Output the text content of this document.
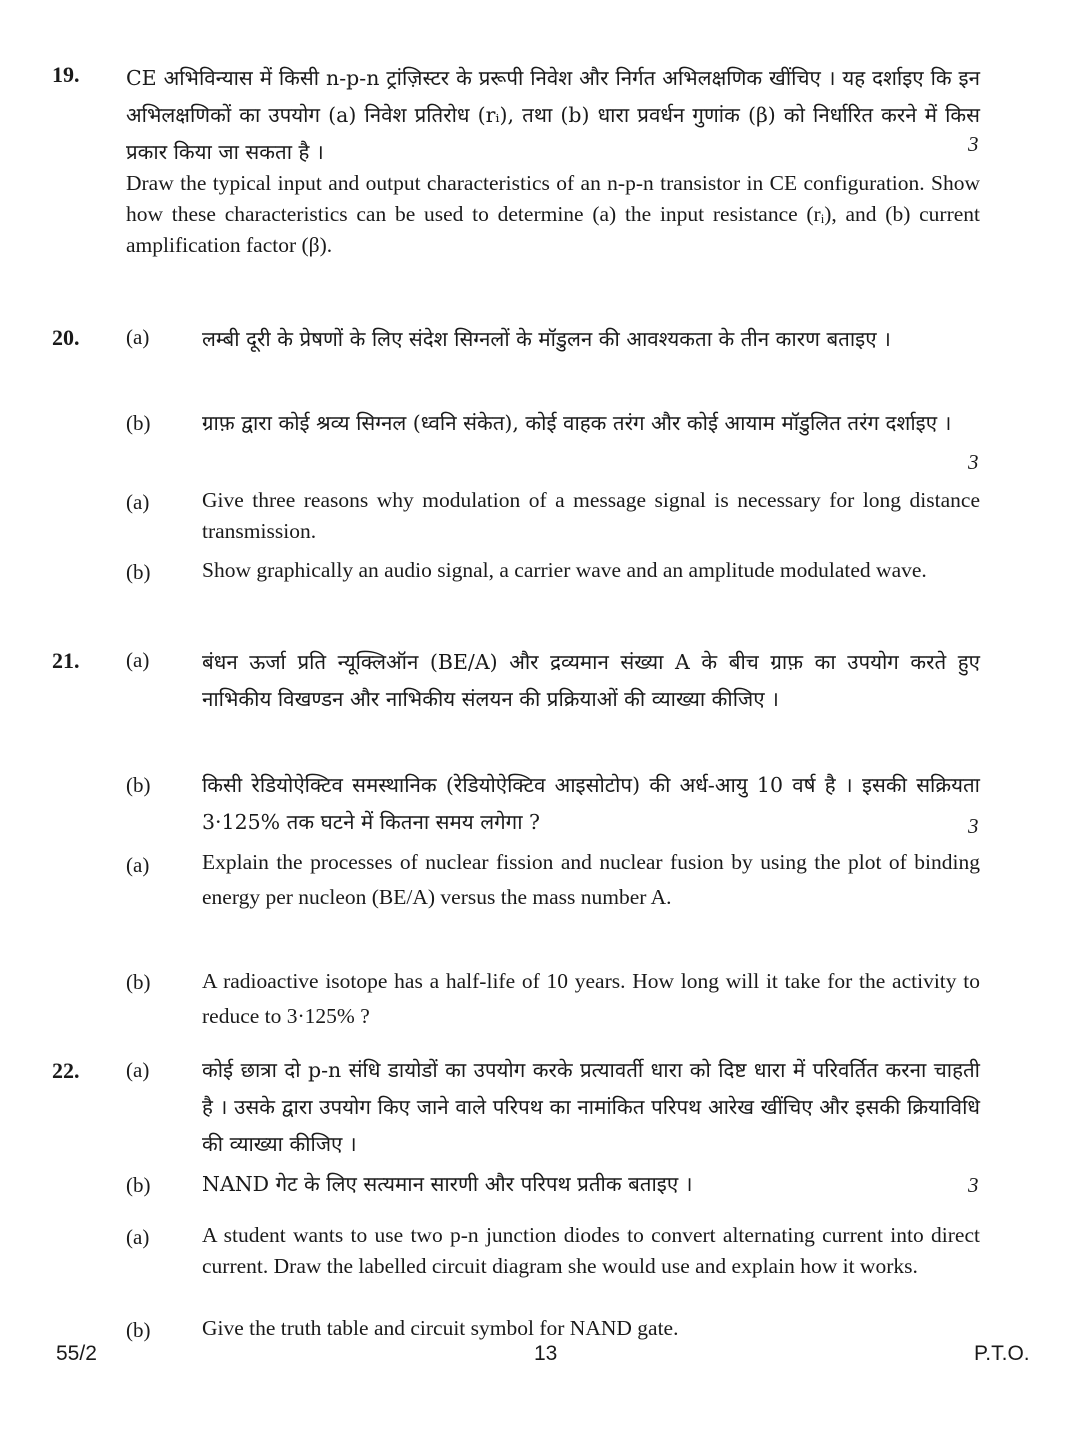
19. CE अभिविन्यास में किसी n-p-n ट्रांज़िस्टर के प्ररूपी निवेश और निर्गत अभिलक्षणिक खींचिए । यह दर्शाइए कि इन अभिलक्षणिकों का उपयोग (a) निवेश प्रतिरोध (rᵢ), तथा (b) धारा प्रवर्धन गुणांक (β) को निर्धारित करने में किस प्रकार किया जा सकता है ।
Draw the typical input and output characteristics of an n-p-n transistor in CE configuration. Show how these characteristics can be used to determine (a) the input resistance (rᵢ), and (b) current amplification factor (β).
3
20. (a)	लम्बी दूरी के प्रेषणों के लिए संदेश सिग्नलों के मॉडुलन की आवश्यकता के तीन कारण बताइए ।
(b)	ग्राफ़ द्वारा कोई श्रव्य सिग्नल (ध्वनि संकेत), कोई वाहक तरंग और कोई आयाम मॉडुलित तरंग दर्शाइए ।
(a) Give three reasons why modulation of a message signal is necessary for long distance transmission.
(b) Show graphically an audio signal, a carrier wave and an amplitude modulated wave.
3
21. (a)	बंधन ऊर्जा प्रति न्यूक्लिऑन (BE/A) और द्रव्यमान संख्या A के बीच ग्राफ़ का उपयोग करते हुए नाभिकीय विखण्डन और नाभिकीय संलयन की प्रक्रियाओं की व्याख्या कीजिए ।
(b)	किसी रेडियोऐक्टिव समस्थानिक (रेडियोऐक्टिव आइसोटोप) की अर्ध-आयु 10 वर्ष है । इसकी सक्रियता 3·125% तक घटने में कितना समय लगेगा ?
(a) Explain the processes of nuclear fission and nuclear fusion by using the plot of binding energy per nucleon (BE/A) versus the mass number A.
(b) A radioactive isotope has a half-life of 10 years. How long will it take for the activity to reduce to 3·125% ?
3
22. (a)	कोई छात्रा दो p-n संधि डायोडों का उपयोग करके प्रत्यावर्ती धारा को दिष्ट धारा में परिवर्तित करना चाहती है । उसके द्वारा उपयोग किए जाने वाले परिपथ का नामांकित परिपथ आरेख खींचिए और इसकी क्रियाविधि की व्याख्या कीजिए ।
(b)	NAND गेट के लिए सत्यमान सारणी और परिपथ प्रतीक बताइए ।
(a) A student wants to use two p-n junction diodes to convert alternating current into direct current. Draw the labelled circuit diagram she would use and explain how it works.
(b) Give the truth table and circuit symbol for NAND gate.
3
55/2	13	P.T.O.
